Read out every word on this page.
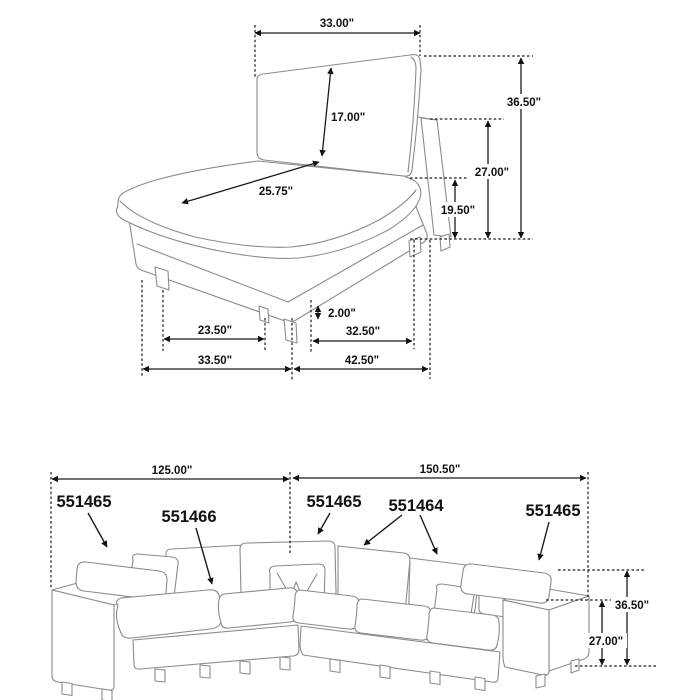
33.00"
36.50"
27.00"
19.50"
17.00"
25.75"
2.00"
23.50"	32.50"
33.50"	42.50"
125.00"	150.50"
36.50"
27.00"
551465
551466
551465 551464	551465
